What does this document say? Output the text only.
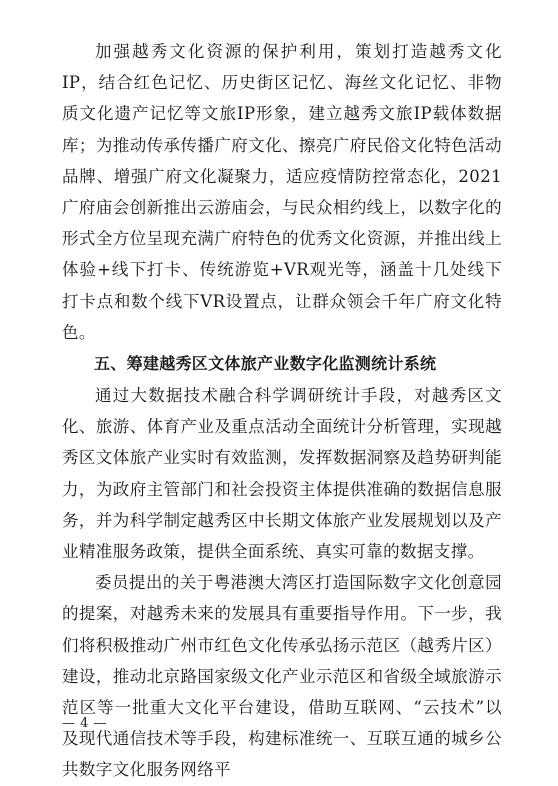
加强越秀文化资源的保护利用，策划打造越秀文化IP，结合红色记忆、历史街区记忆、海丝文化记忆、非物质文化遗产记忆等文旅IP形象，建立越秀文旅IP载体数据库；为推动传承传播广府文化、擦亮广府民俗文化特色活动品牌、增强广府文化凝聚力，适应疫情防控常态化，2021广府庙会创新推出云游庙会，与民众相约线上，以数字化的形式全方位呈现充满广府特色的优秀文化资源，并推出线上体验+线下打卡、传统游览+VR观光等，涵盖十几处线下打卡点和数个线下VR设置点，让群众领会千年广府文化特色。

五、筹建越秀区文体旅产业数字化监测统计系统

通过大数据技术融合科学调研统计手段，对越秀区文化、旅游、体育产业及重点活动全面统计分析管理，实现越秀区文体旅产业实时有效监测，发挥数据洞察及趋势研判能力，为政府主管部门和社会投资主体提供准确的数据信息服务，并为科学制定越秀区中长期文体旅产业发展规划以及产业精准服务政策，提供全面系统、真实可靠的数据支撑。

委员提出的关于粤港澳大湾区打造国际数字文化创意园的提案，对越秀未来的发展具有重要指导作用。下一步，我们将积极推动广州市红色文化传承弘扬示范区（越秀片区）建设，推动北京路国家级文化产业示范区和省级全域旅游示范区等一批重大文化平台建设，借助互联网、“云技术”以及现代通信技术等手段，构建标准统一、互联互通的城乡公共数字文化服务网络平

— 4 —
